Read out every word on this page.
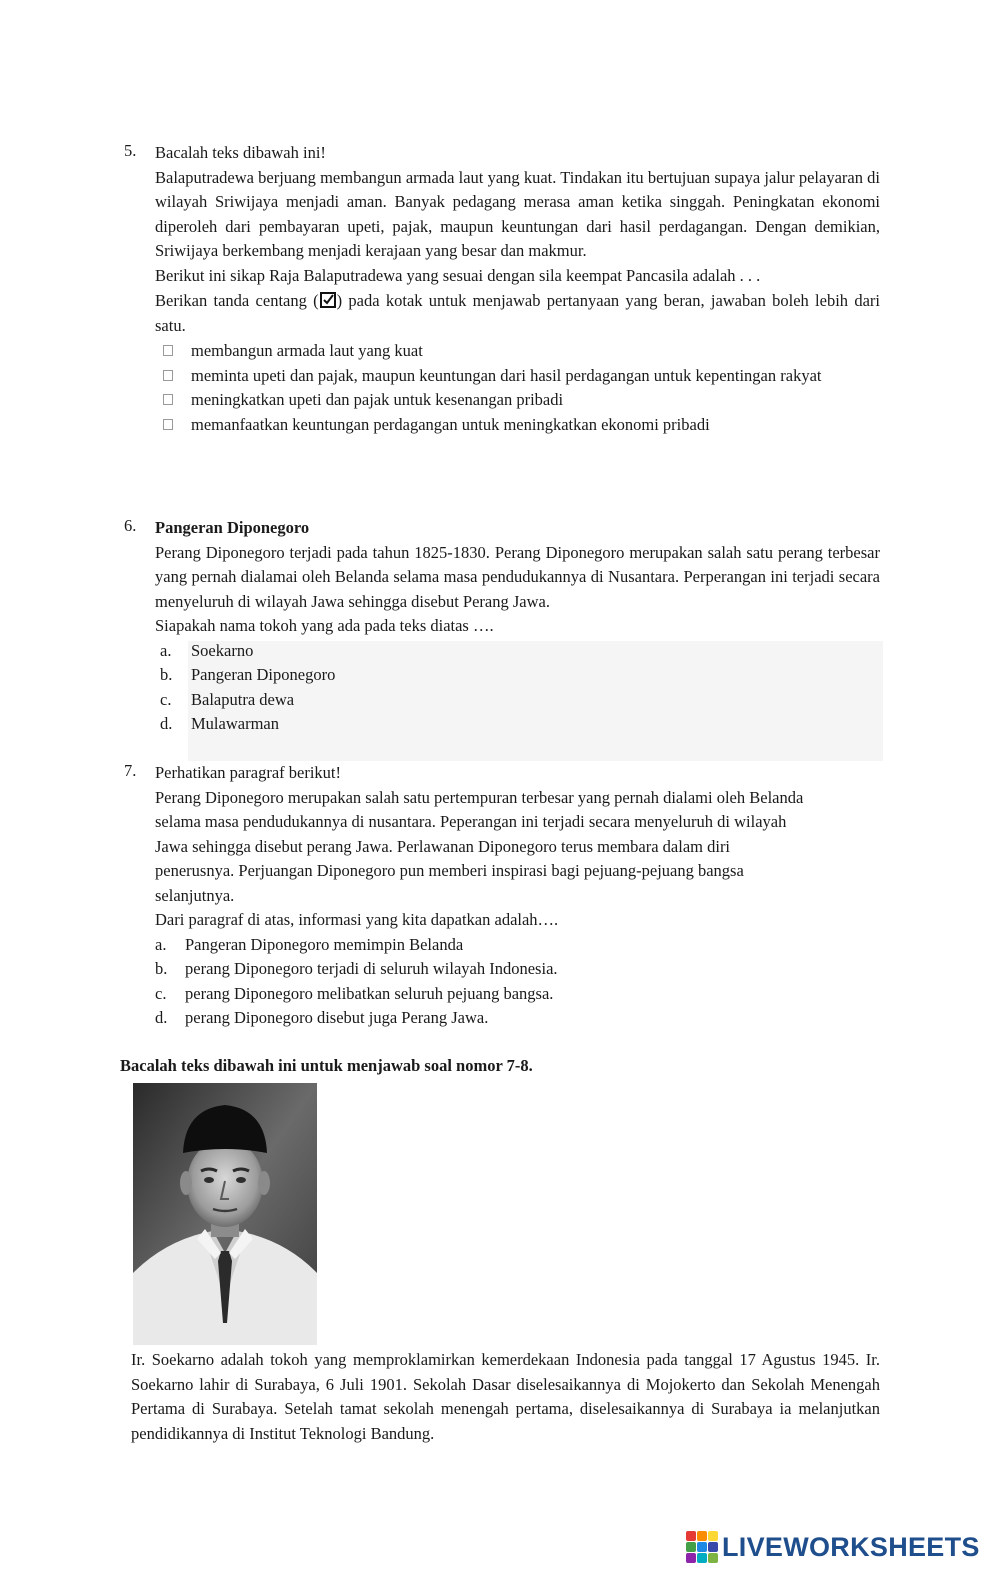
5. Bacalah teks dibawah ini!

Balaputradewa berjuang membangun armada laut yang kuat. Tindakan itu bertujuan supaya jalur pelayaran di wilayah Sriwijaya menjadi aman. Banyak pedagang merasa aman ketika singgah. Peningkatan ekonomi diperoleh dari pembayaran upeti, pajak, maupun keuntungan dari hasil perdagangan. Dengan demikian, Sriwijaya berkembang menjadi kerajaan yang besar dan makmur.

Berikut ini sikap Raja Balaputradewa yang sesuai dengan sila keempat Pancasila adalah . . .

Berikan tanda centang ( ) pada kotak untuk menjawab pertanyaan yang beran, jawaban boleh lebih dari satu.

membangun armada laut yang kuat
meminta upeti dan pajak, maupun keuntungan dari hasil perdagangan untuk kepentingan rakyat
meningkatkan upeti dan pajak untuk kesenangan pribadi
memanfaatkan keuntungan perdagangan untuk meningkatkan ekonomi pribadi
6. Pangeran Diponegoro

Perang Diponegoro terjadi pada tahun 1825-1830. Perang Diponegoro merupakan salah satu perang terbesar yang pernah dialamai oleh Belanda selama masa pendudukannya di Nusantara. Perperangan ini terjadi secara menyeluruh di wilayah Jawa sehingga disebut Perang Jawa.

Siapakah nama tokoh yang ada pada teks diatas ….
a. Soekarno
b. Pangeran Diponegoro
c. Balaputra dewa
d. Mulawarman
7. Perhatikan paragraf berikut!
Perang Diponegoro merupakan salah satu pertempuran terbesar yang pernah dialami oleh Belanda
selama masa pendudukannya di nusantara. Peperangan ini terjadi secara menyeluruh di wilayah
Jawa sehingga disebut perang Jawa. Perlawanan Diponegoro terus membara dalam diri
penerusnya. Perjuangan Diponegoro pun memberi inspirasi bagi pejuang-pejuang bangsa
selanjutnya.
Dari paragraf di atas, informasi yang kita dapatkan adalah….
a. Pangeran Diponegoro memimpin Belanda
b. perang Diponegoro terjadi di seluruh wilayah Indonesia.
c. perang Diponegoro melibatkan seluruh pejuang bangsa.
d. perang Diponegoro disebut juga Perang Jawa.
Bacalah teks dibawah ini untuk menjawab soal nomor 7-8.

Ir. Soekarno adalah tokoh yang memproklamirkan kemerdekaan Indonesia pada tanggal 17 Agustus 1945. Ir. Soekarno lahir di Surabaya, 6 Juli 1901. Sekolah Dasar diselesaikannya di Mojokerto dan Sekolah Menengah Pertama di Surabaya. Setelah tamat sekolah menengah pertama, diselesaikannya di Surabaya ia melanjutkan pendidikannya di Institut Teknologi Bandung.

LIVEWORKSHEETS
